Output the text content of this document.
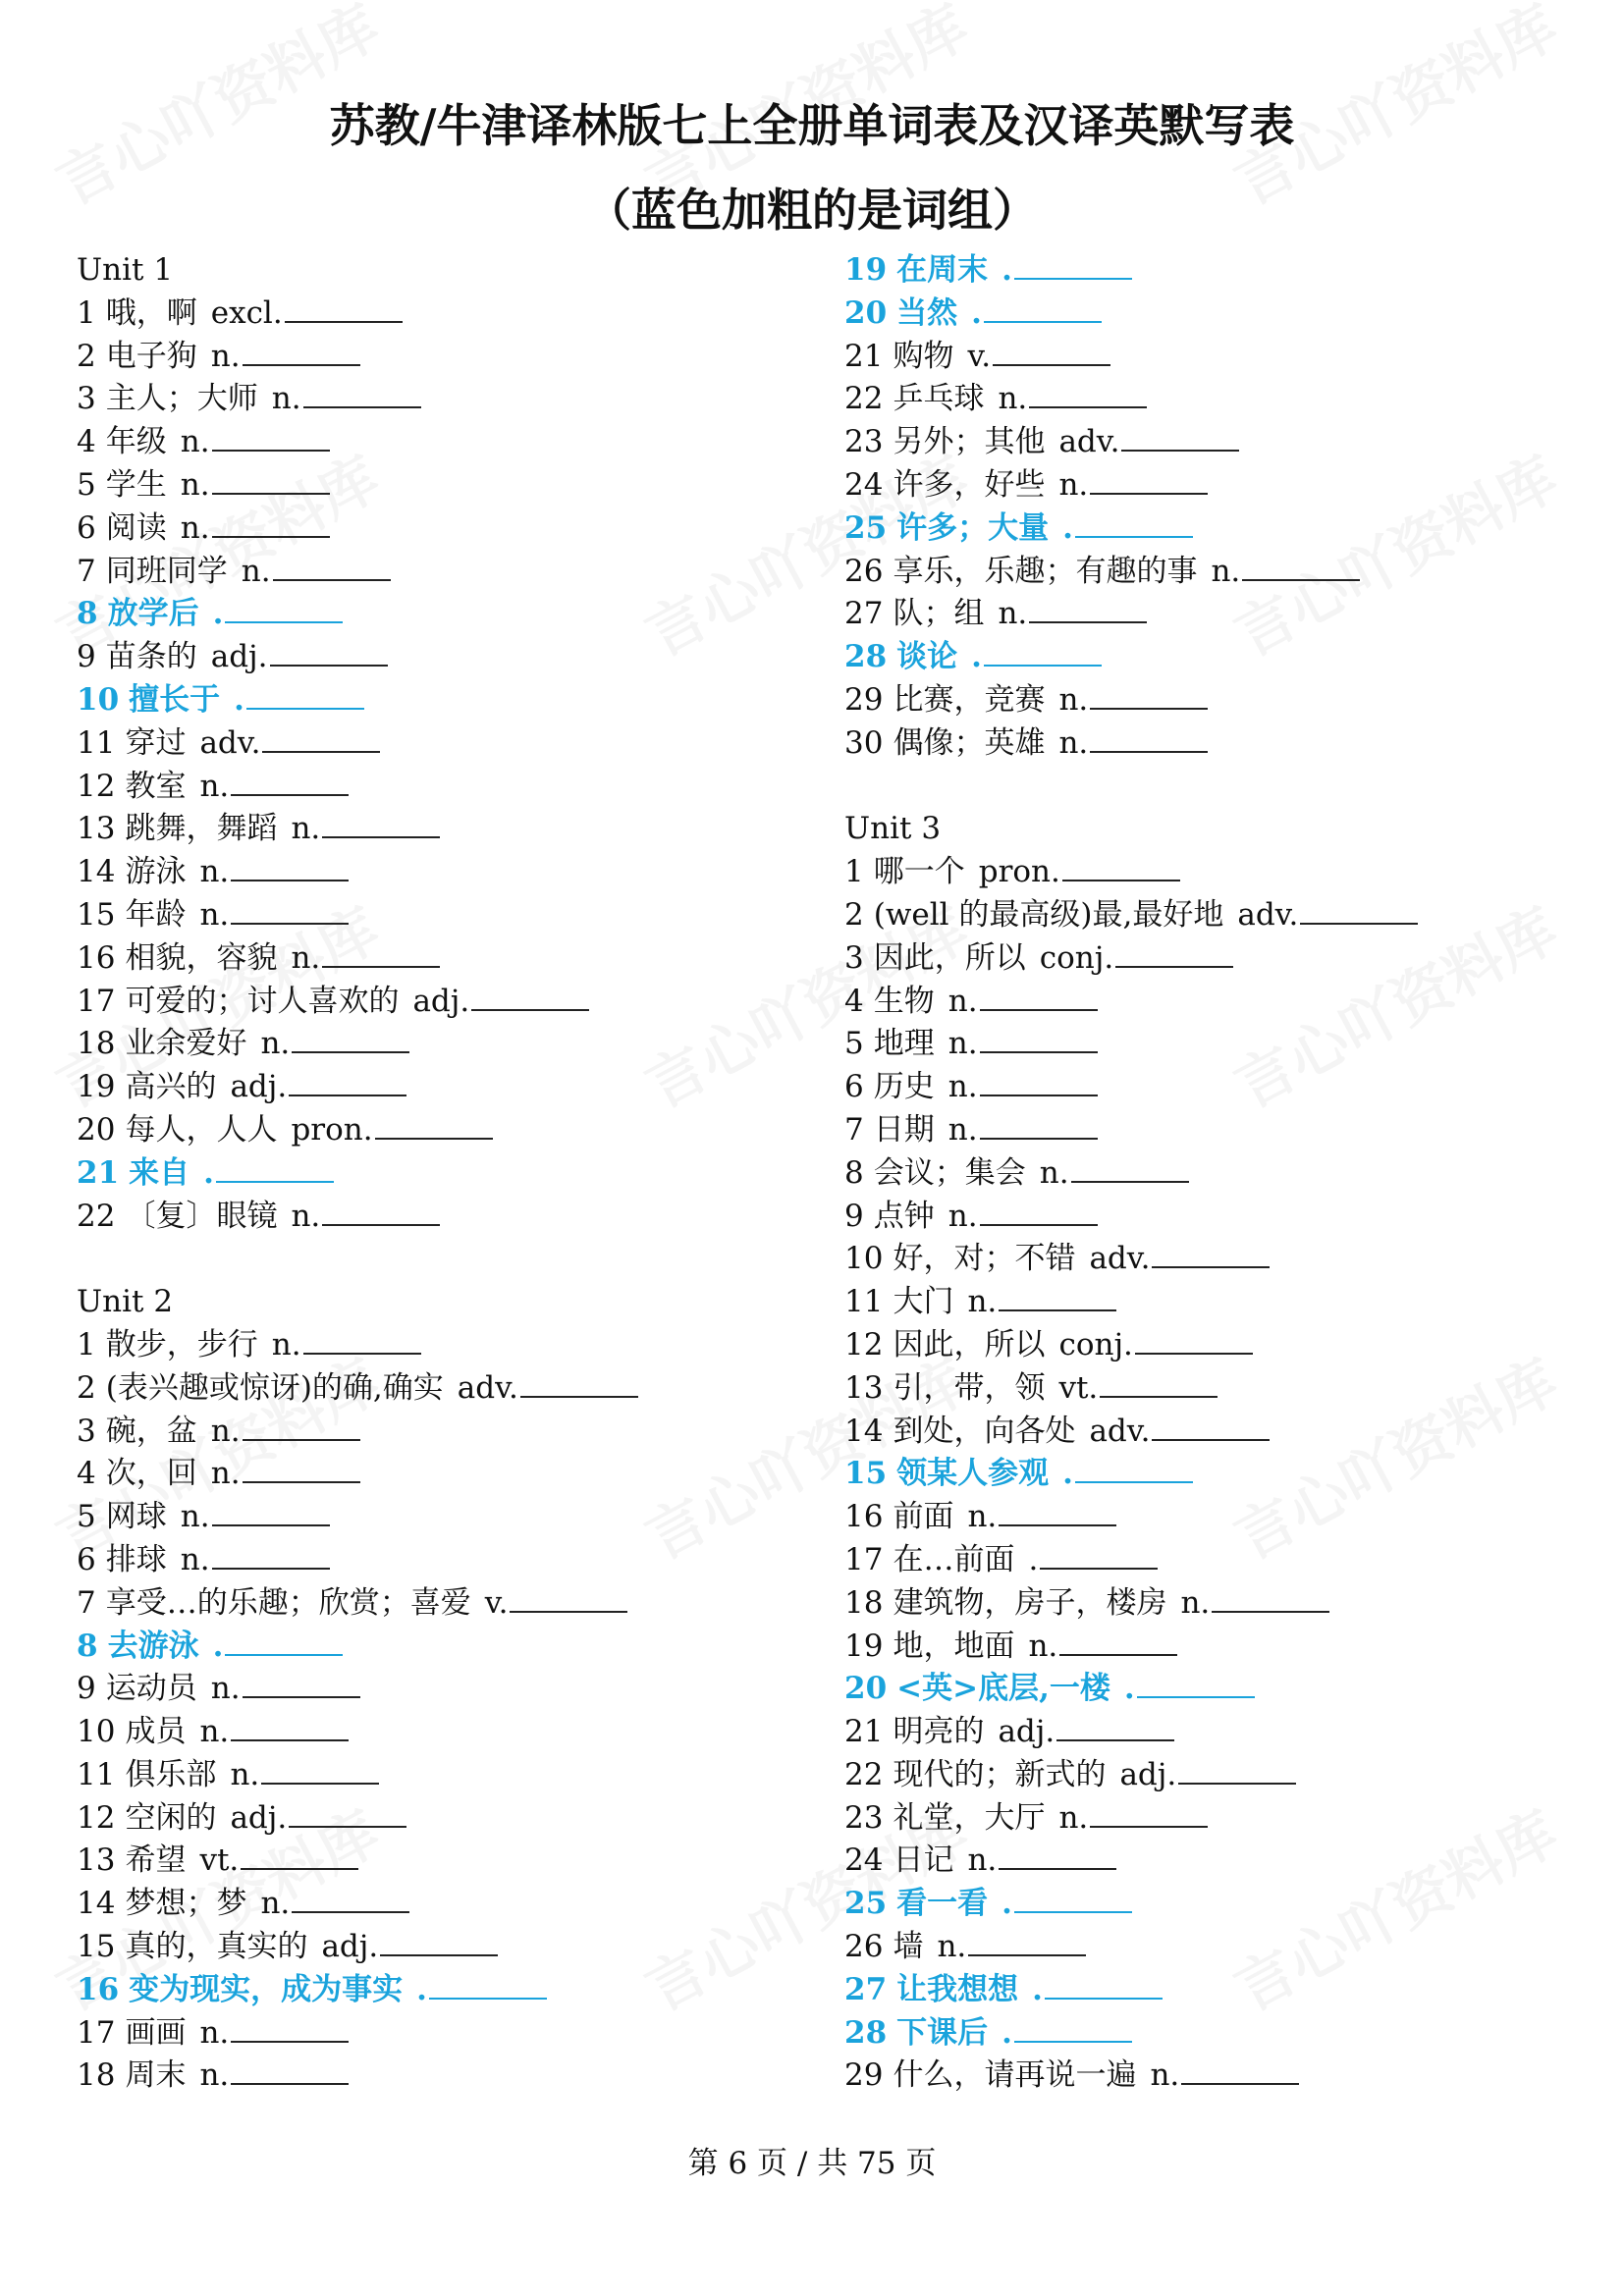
苏教/牛津译林版七上全册单词表及汉译英默写表
（蓝色加粗的是词组）
Unit 1
1 哦，啊 excl.
2 电子狗 n.
3 主人；大师 n.
4 年级 n.
5 学生 n.
6 阅读 n.
7 同班同学 n.
8 放学后 .
9 苗条的 adj.
10 擅长于 .
11 穿过 adv.
12 教室 n.
13 跳舞，舞蹈 n.
14 游泳 n.
15 年龄 n.
16 相貌，容貌 n.
17 可爱的；讨人喜欢的 adj.
18 业余爱好 n.
19 高兴的 adj.
20 每人，人人 pron.
21 来自 .
22 〔复〕眼镜 n.
Unit 2
1 散步，步行 n.
2 (表兴趣或惊讶)的确,确实 adv.
3 碗，盆 n.
4 次，回 n.
5 网球 n.
6 排球 n.
7 享受…的乐趣；欣赏；喜爱 v.
8 去游泳 .
9 运动员 n.
10 成员 n.
11 俱乐部 n.
12 空闲的 adj.
13 希望 vt.
14 梦想；梦 n.
15 真的，真实的 adj.
16 变为现实，成为事实 .
17 画画 n.
18 周末 n.
19 在周末 .
20 当然 .
21 购物 v.
22 乒乓球 n.
23 另外；其他 adv.
24 许多，好些 n.
25 许多；大量 .
26 享乐，乐趣；有趣的事 n.
27 队；组 n.
28 谈论 .
29 比赛，竞赛 n.
30 偶像；英雄 n.
Unit 3
1 哪一个 pron.
2 (well 的最高级)最,最好地 adv.
3 因此，所以 conj.
4 生物 n.
5 地理 n.
6 历史 n.
7 日期 n.
8 会议；集会 n.
9 点钟 n.
10 好，对；不错 adv.
11 大门 n.
12 因此，所以 conj.
13 引，带，领 vt.
14 到处，向各处 adv.
15 领某人参观 .
16 前面 n.
17 在…前面 .
18 建筑物，房子，楼房 n.
19 地，地面 n.
20 <英>底层,一楼 .
21 明亮的 adj.
22 现代的；新式的 adj.
23 礼堂，大厅 n.
24 日记 n.
25 看一看 .
26 墙 n.
27 让我想想 .
28 下课后 .
29 什么，请再说一遍 n.
第 6 页 / 共 75 页
